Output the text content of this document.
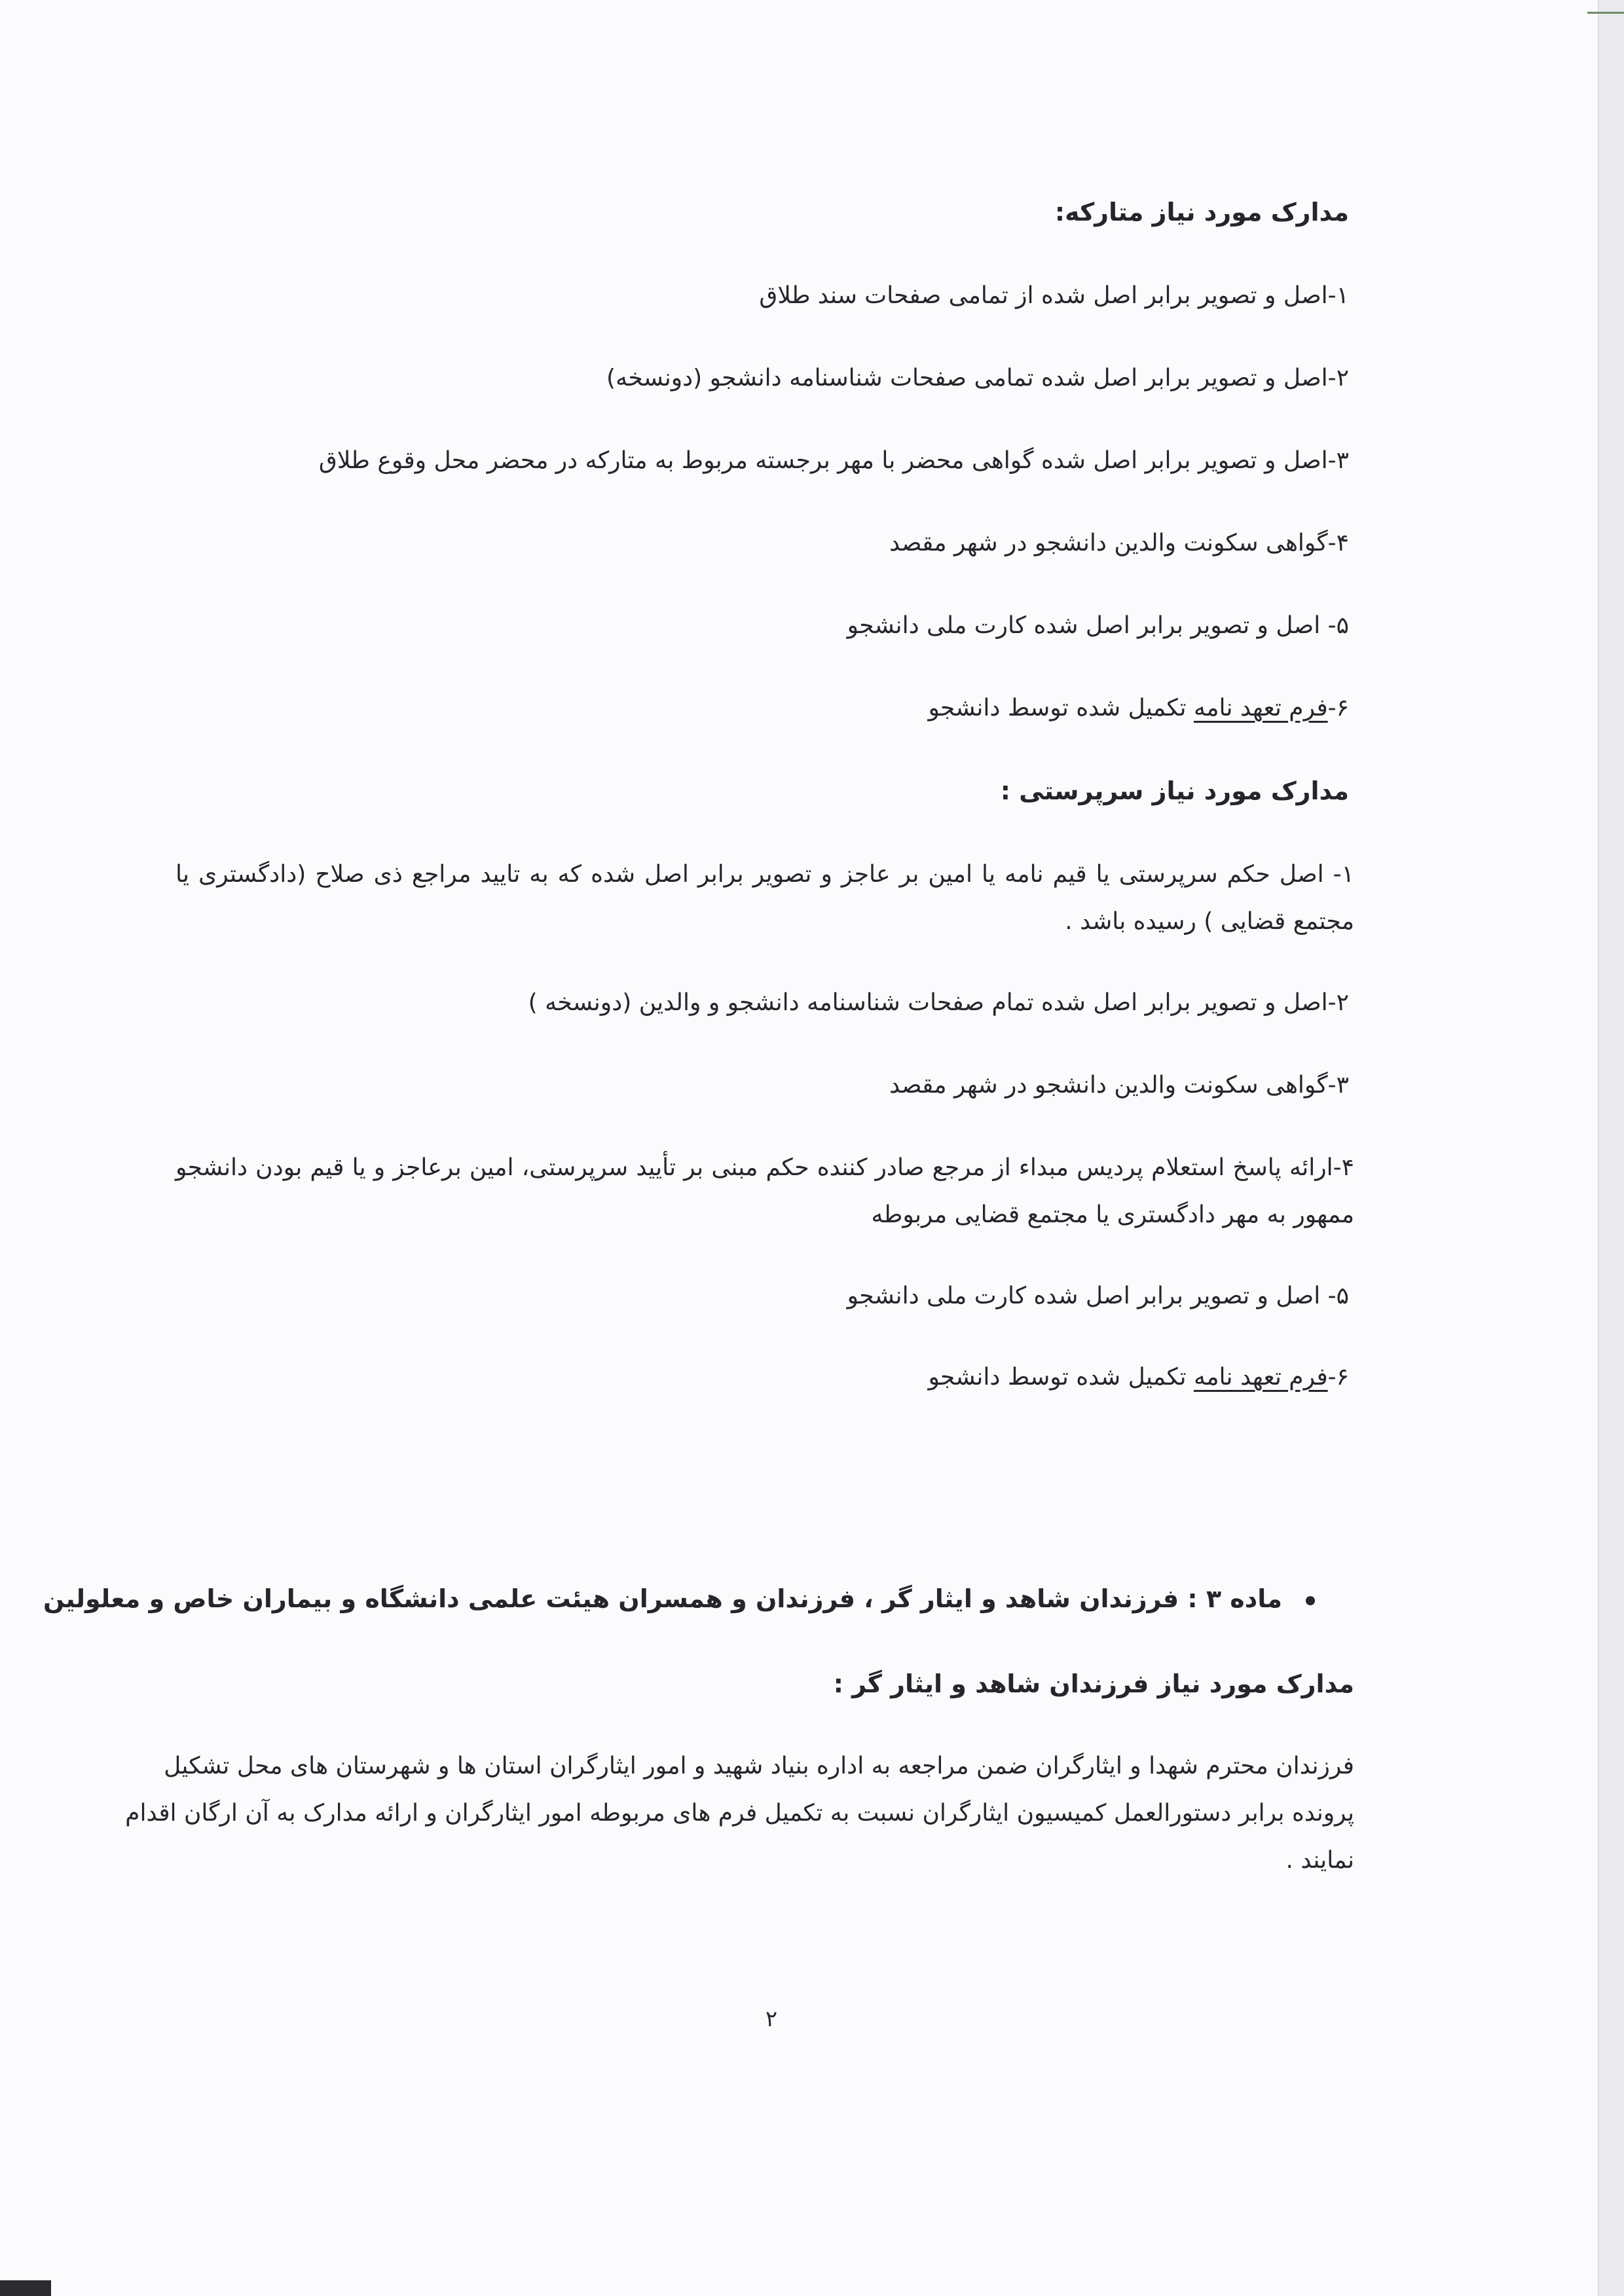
مدارک مورد نیاز متارکه:
۱-اصل و تصویر برابر اصل شده از تمامی صفحات سند طلاق
۲-اصل و تصویر برابر اصل شده تمامی صفحات شناسنامه دانشجو (دونسخه)
۳-اصل و تصویر برابر اصل شده گواهی محضر با مهر برجسته مربوط به متارکه در محضر محل وقوع طلاق
۴-گواهی سکونت والدین دانشجو در شهر مقصد
۵- اصل و تصویر برابر اصل شده کارت ملی دانشجو
۶-فرم تعهد نامه تکمیل شده توسط دانشجو
مدارک مورد نیاز سرپرستی :
۱- اصل حکم سرپرستی یا قیم نامه یا امین بر عاجز و تصویر برابر اصل شده که به تایید مراجع ذی صلاح (دادگستری یا
مجتمع قضایی ) رسیده باشد .
۲-اصل و تصویر برابر اصل شده تمام صفحات شناسنامه دانشجو و والدین (دونسخه )
۳-گواهی سکونت والدین دانشجو در شهر مقصد
۴-ارائه پاسخ استعلام پردیس مبداء از مرجع صادر کننده حکم مبنی بر تأیید سرپرستی، امین برعاجز و یا قیم بودن دانشجو
ممهور به مهر دادگستری یا مجتمع قضایی مربوطه
۵- اصل و تصویر برابر اصل شده کارت ملی دانشجو
۶-فرم تعهد نامه تکمیل شده توسط دانشجو
ماده ۳ : فرزندان شاهد و ایثار گر ، فرزندان و همسران هیئت علمی دانشگاه و بیماران خاص و معلولین
مدارک مورد نیاز فرزندان شاهد و ایثار گر :
فرزندان محترم شهدا و ایثارگران ضمن مراجعه به اداره بنیاد شهید و امور ایثارگران استان ها و شهرستان های محل تشکیل
پرونده برابر دستورالعمل کمیسیون ایثارگران نسبت به تکمیل فرم های مربوطه امور ایثارگران و ارائه مدارک به آن ارگان اقدام
نمایند .
۲
